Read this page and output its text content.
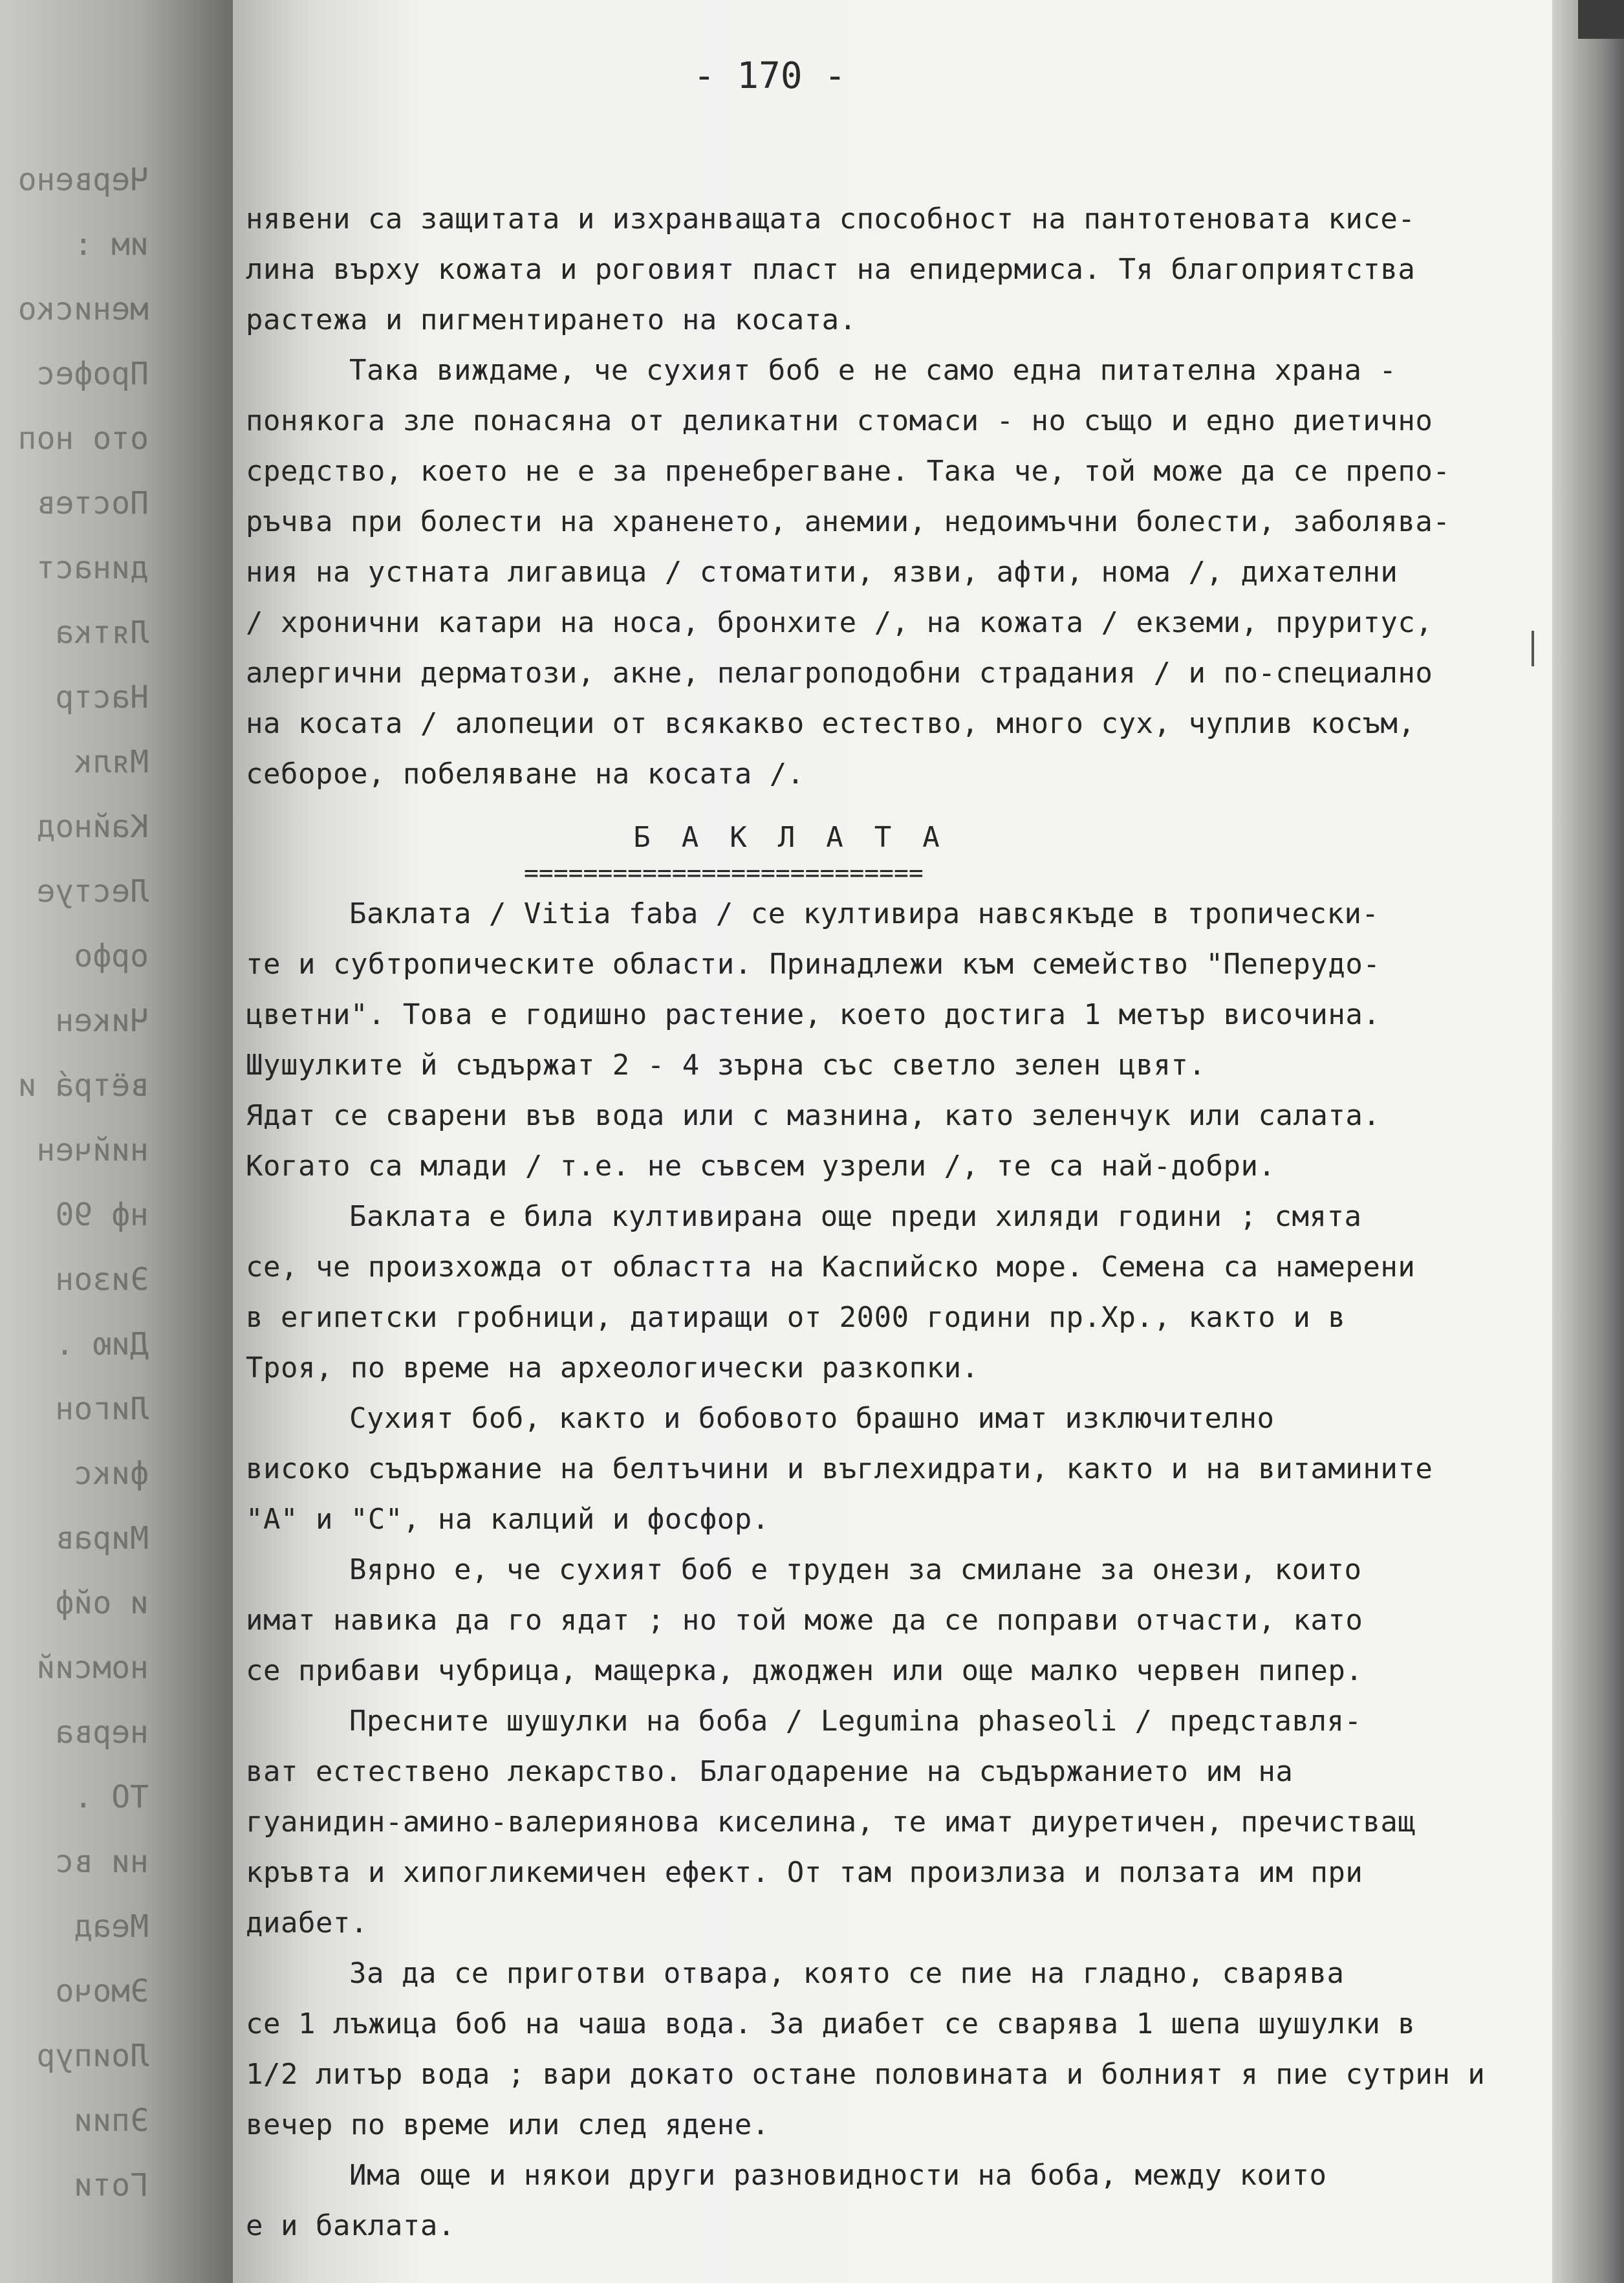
Червено
им :
мениско
Профес
ото ноп
Постев
династ
Лятка
Настр
Мялк
Кайнод
Лестуе
орфо
Чикен
вётрá и
нийчен
нф 90
Эизон
Дию .
Лигон
фикс
Мирав
и ойф
номсий
нерва
ТО .
ни вс
Меад
Эмочо
Лоипур
Эпии
Готи
- 170 -
нявени са защитата и изхранващата способност на пантотеновата кисе-
лина върху кожата и роговият пласт на епидермиса. Тя благоприятства
растежа и пигментирането на косата.
Така виждаме, че сухият боб е не само една питателна храна -
понякога зле понасяна от деликатни стомаси - но също и едно диетично
средство, което не е за пренебрегване. Така че, той може да се препо-
ръчва при болести на храненето, анемии, недоимъчни болести, заболява-
ния на устната лигавица / стоматити, язви, афти, нома /, дихателни
/ хронични катари на носа, бронхите /, на кожата / екземи, пруритус,
алергични дерматози, акне, пелагроподобни страдания / и по-специално
на косата / алопеции от всякакво естество, много сух, чуплив косъм,
себорое, побеляване на косата /.
БАКЛАТА
===========================
Баклата / Vitia faba / се култивира навсякъде в тропически-
те и субтропическите области. Принадлежи към семейство "Пеперудо-
цветни". Това е годишно растение, което достига 1 метър височина.
Шушулките й съдържат 2 - 4 зърна със светло зелен цвят.
Ядат се сварени във вода или с мазнина, като зеленчук или салата.
Когато са млади / т.е. не съвсем узрели /, те са най-добри.
Баклата е била култивирана още преди хиляди години ; смята
се, че произхожда от областта на Каспийско море. Семена са намерени
в египетски гробници, датиращи от 2000 години пр.Хр., както и в
Троя, по време на археологически разкопки.
Сухият боб, както и бобовото брашно имат изключително
високо съдържание на белтъчини и въглехидрати, както и на витамините
"А" и "С", на калций и фосфор.
Вярно е, че сухият боб е труден за смилане за онези, които
имат навика да го ядат ; но той може да се поправи отчасти, като
се прибави чубрица, мащерка, джоджен или още малко червен пипер.
Пресните шушулки на боба / Legumina phaseoli / представля-
ват естествено лекарство. Благодарение на съдържанието им на
гуанидин-амино-валериянова киселина, те имат диуретичен, пречистващ
кръвта и хипогликемичен ефект. От там произлиза и ползата им при
диабет.
За да се приготви отвара, която се пие на гладно, сварява
се 1 лъжица боб на чаша вода. За диабет се сварява 1 шепа шушулки в
1/2 литър вода ; вари докато остане половината и болният я пие сутрин и
вечер по време или след ядене.
Има още и някои други разновидности на боба, между които
е и баклата.
